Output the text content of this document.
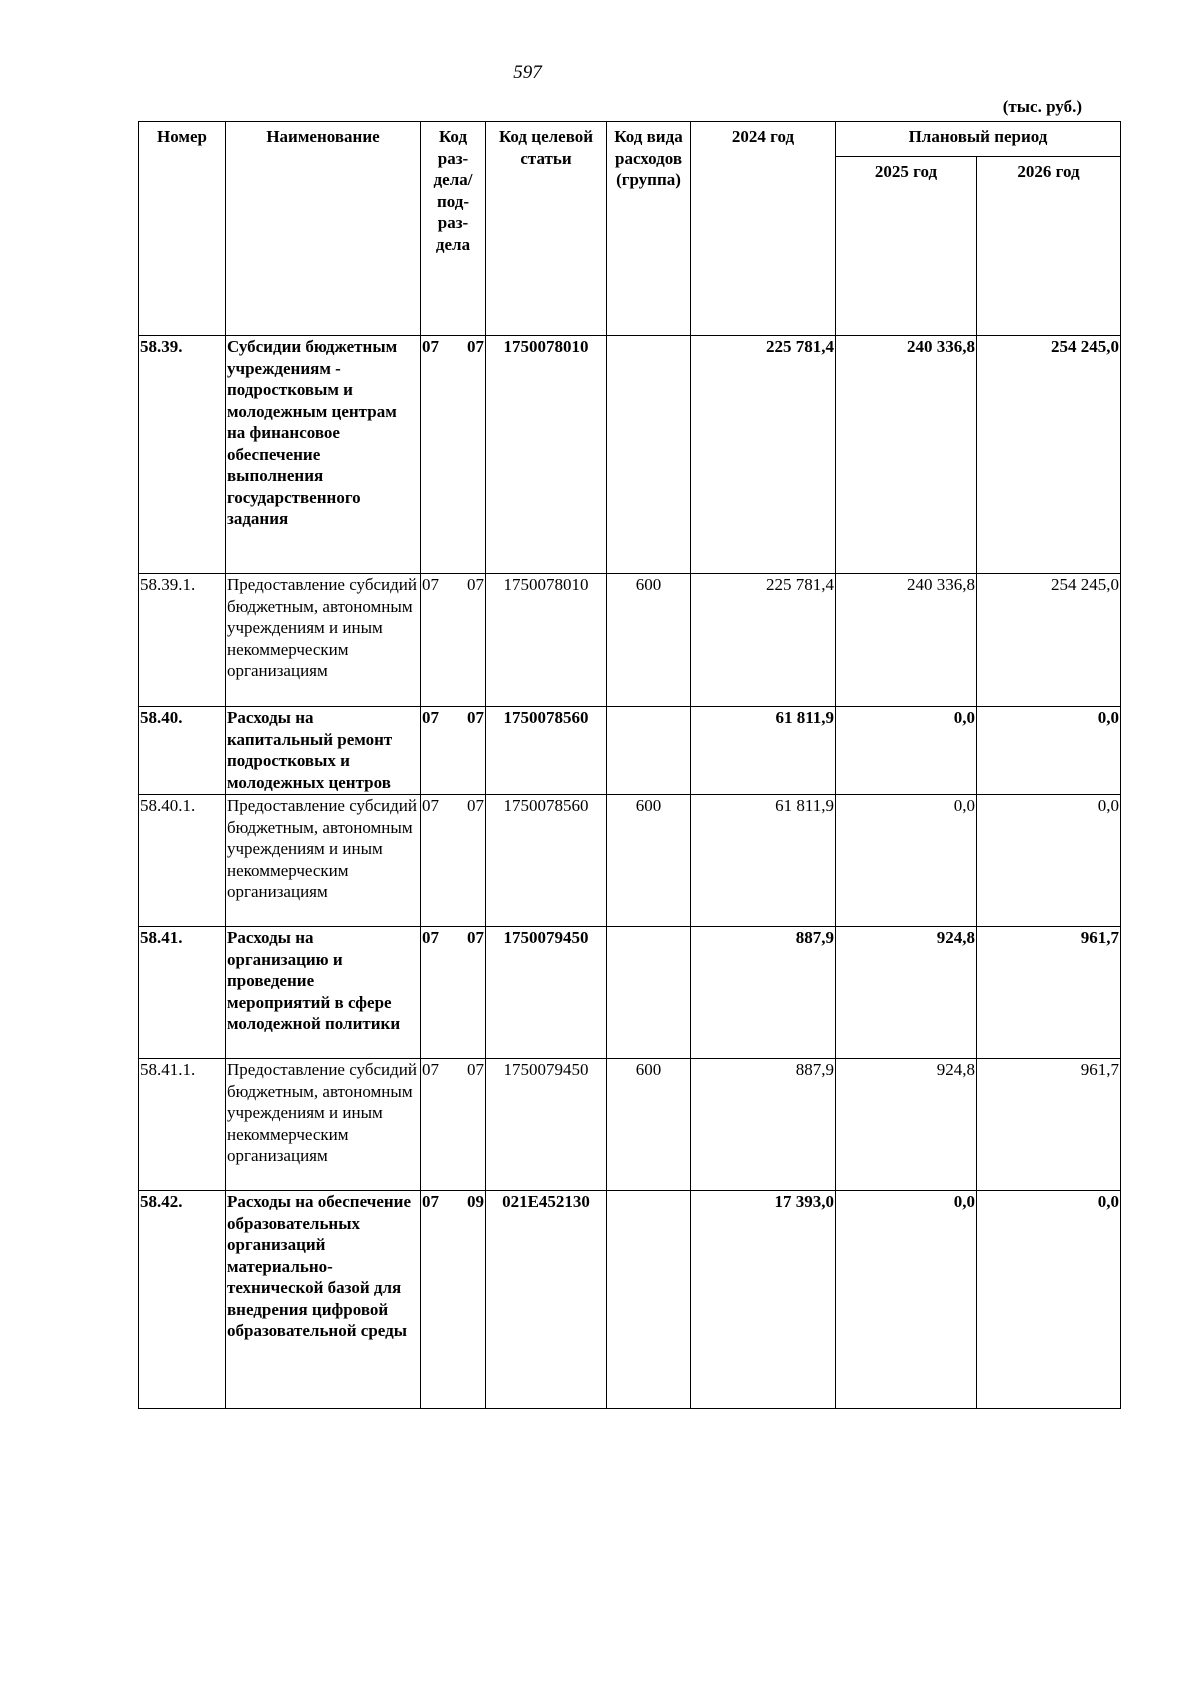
597
(тыс. руб.)
Номер	Наименование	Код раз-дела/ под-раз-дела	Код целевой статьи	Код вида расходов (группа)	2024 год	Плановый период	
						2025 год	2026 год
58.39.	Субсидии бюджетным учреждениям - подростковым и молодежным центрам на финансовое обеспечение выполнения государственного задания	07 07	1750078010		225 781,4	240 336,8	254 245,0
58.39.1.	Предоставление субсидий бюджетным, автономным учреждениям и иным некоммерческим организациям	07 07	1750078010	600	225 781,4	240 336,8	254 245,0
58.40.	Расходы на капитальный ремонт подростковых и молодежных центров	07 07	1750078560		61 811,9	0,0	0,0
58.40.1.	Предоставление субсидий бюджетным, автономным учреждениям и иным некоммерческим организациям	07 07	1750078560	600	61 811,9	0,0	0,0
58.41.	Расходы на организацию и проведение мероприятий в сфере молодежной политики	07 07	1750079450		887,9	924,8	961,7
58.41.1.	Предоставление субсидий бюджетным, автономным учреждениям и иным некоммерческим организациям	07 07	1750079450	600	887,9	924,8	961,7
58.42.	Расходы на обеспечение образовательных организаций материально-технической базой для внедрения цифровой образовательной среды	07 09	021E452130		17 393,0	0,0	0,0
